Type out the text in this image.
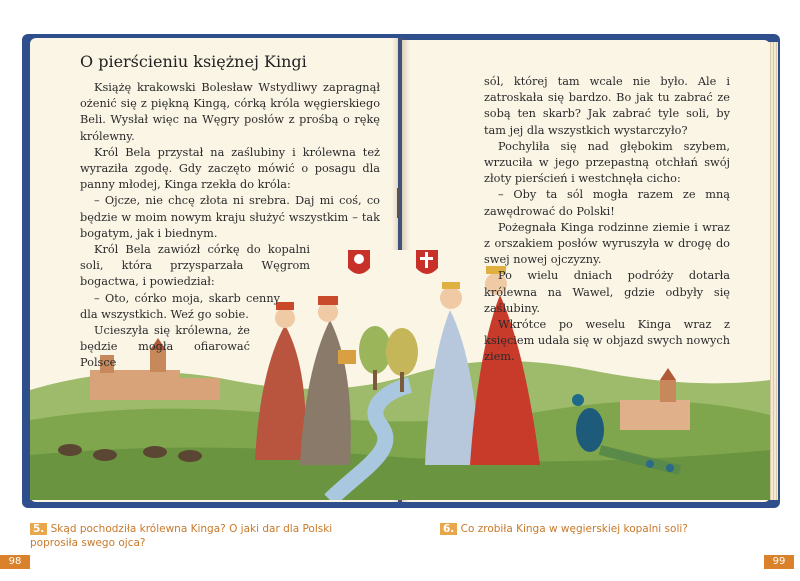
O pierścieniu księżnej Kingi

Książę krakowski Bolesław Wstydliwy zapragnął ożenić się z piękną Kingą, córką króla węgierskiego Beli. Wysłał więc na Węgry posłów z prośbą o rękę królewny.

Król Bela przystał na zaślubiny i królewna też wyraziła zgodę. Gdy zaczęto mówić o posagu dla panny młodej, Kinga rzekła do króla:

– Ojcze, nie chcę złota ni srebra. Daj mi coś, co będzie w moim nowym kraju służyć wszystkim – tak bogatym, jak i biednym.

Król Bela zawiózł córkę do kopalni soli, która przysparzała Węgrom bogactwa, i powiedział:

– Oto, córko moja, skarb cenny dla wszystkich. Weź go sobie.

Ucieszyła się królewna, że będzie mogła ofiarować Polsce

sól, której tam wcale nie było. Ale i zatroskała się bardzo. Bo jak tu zabrać ze sobą ten skarb? Jak zabrać tyle soli, by tam jej dla wszystkich wystarczyło?

Pochyliła się nad głębokim szybem, wrzuciła w jego przepastną otchłań swój złoty pierścień i westchnęła cicho:

– Oby ta sól mogła razem ze mną zawędrować do Polski!

Pożegnała Kinga rodzinne ziemie i wraz z orszakiem posłów wyruszyła w drogę do swej nowej ojczyzny.

Po wielu dniach podróży dotarła królewna na Wawel, gdzie odbyły się zaślubiny.

Wkrótce po weselu Kinga wraz z księciem udała się w objazd swych nowych ziem.

5. Skąd pochodziła królewna Kinga? O jaki dar dla Polski poprosiła swego ojca?
6. Co zrobiła Kinga w węgierskiej kopalni soli?
98	99
